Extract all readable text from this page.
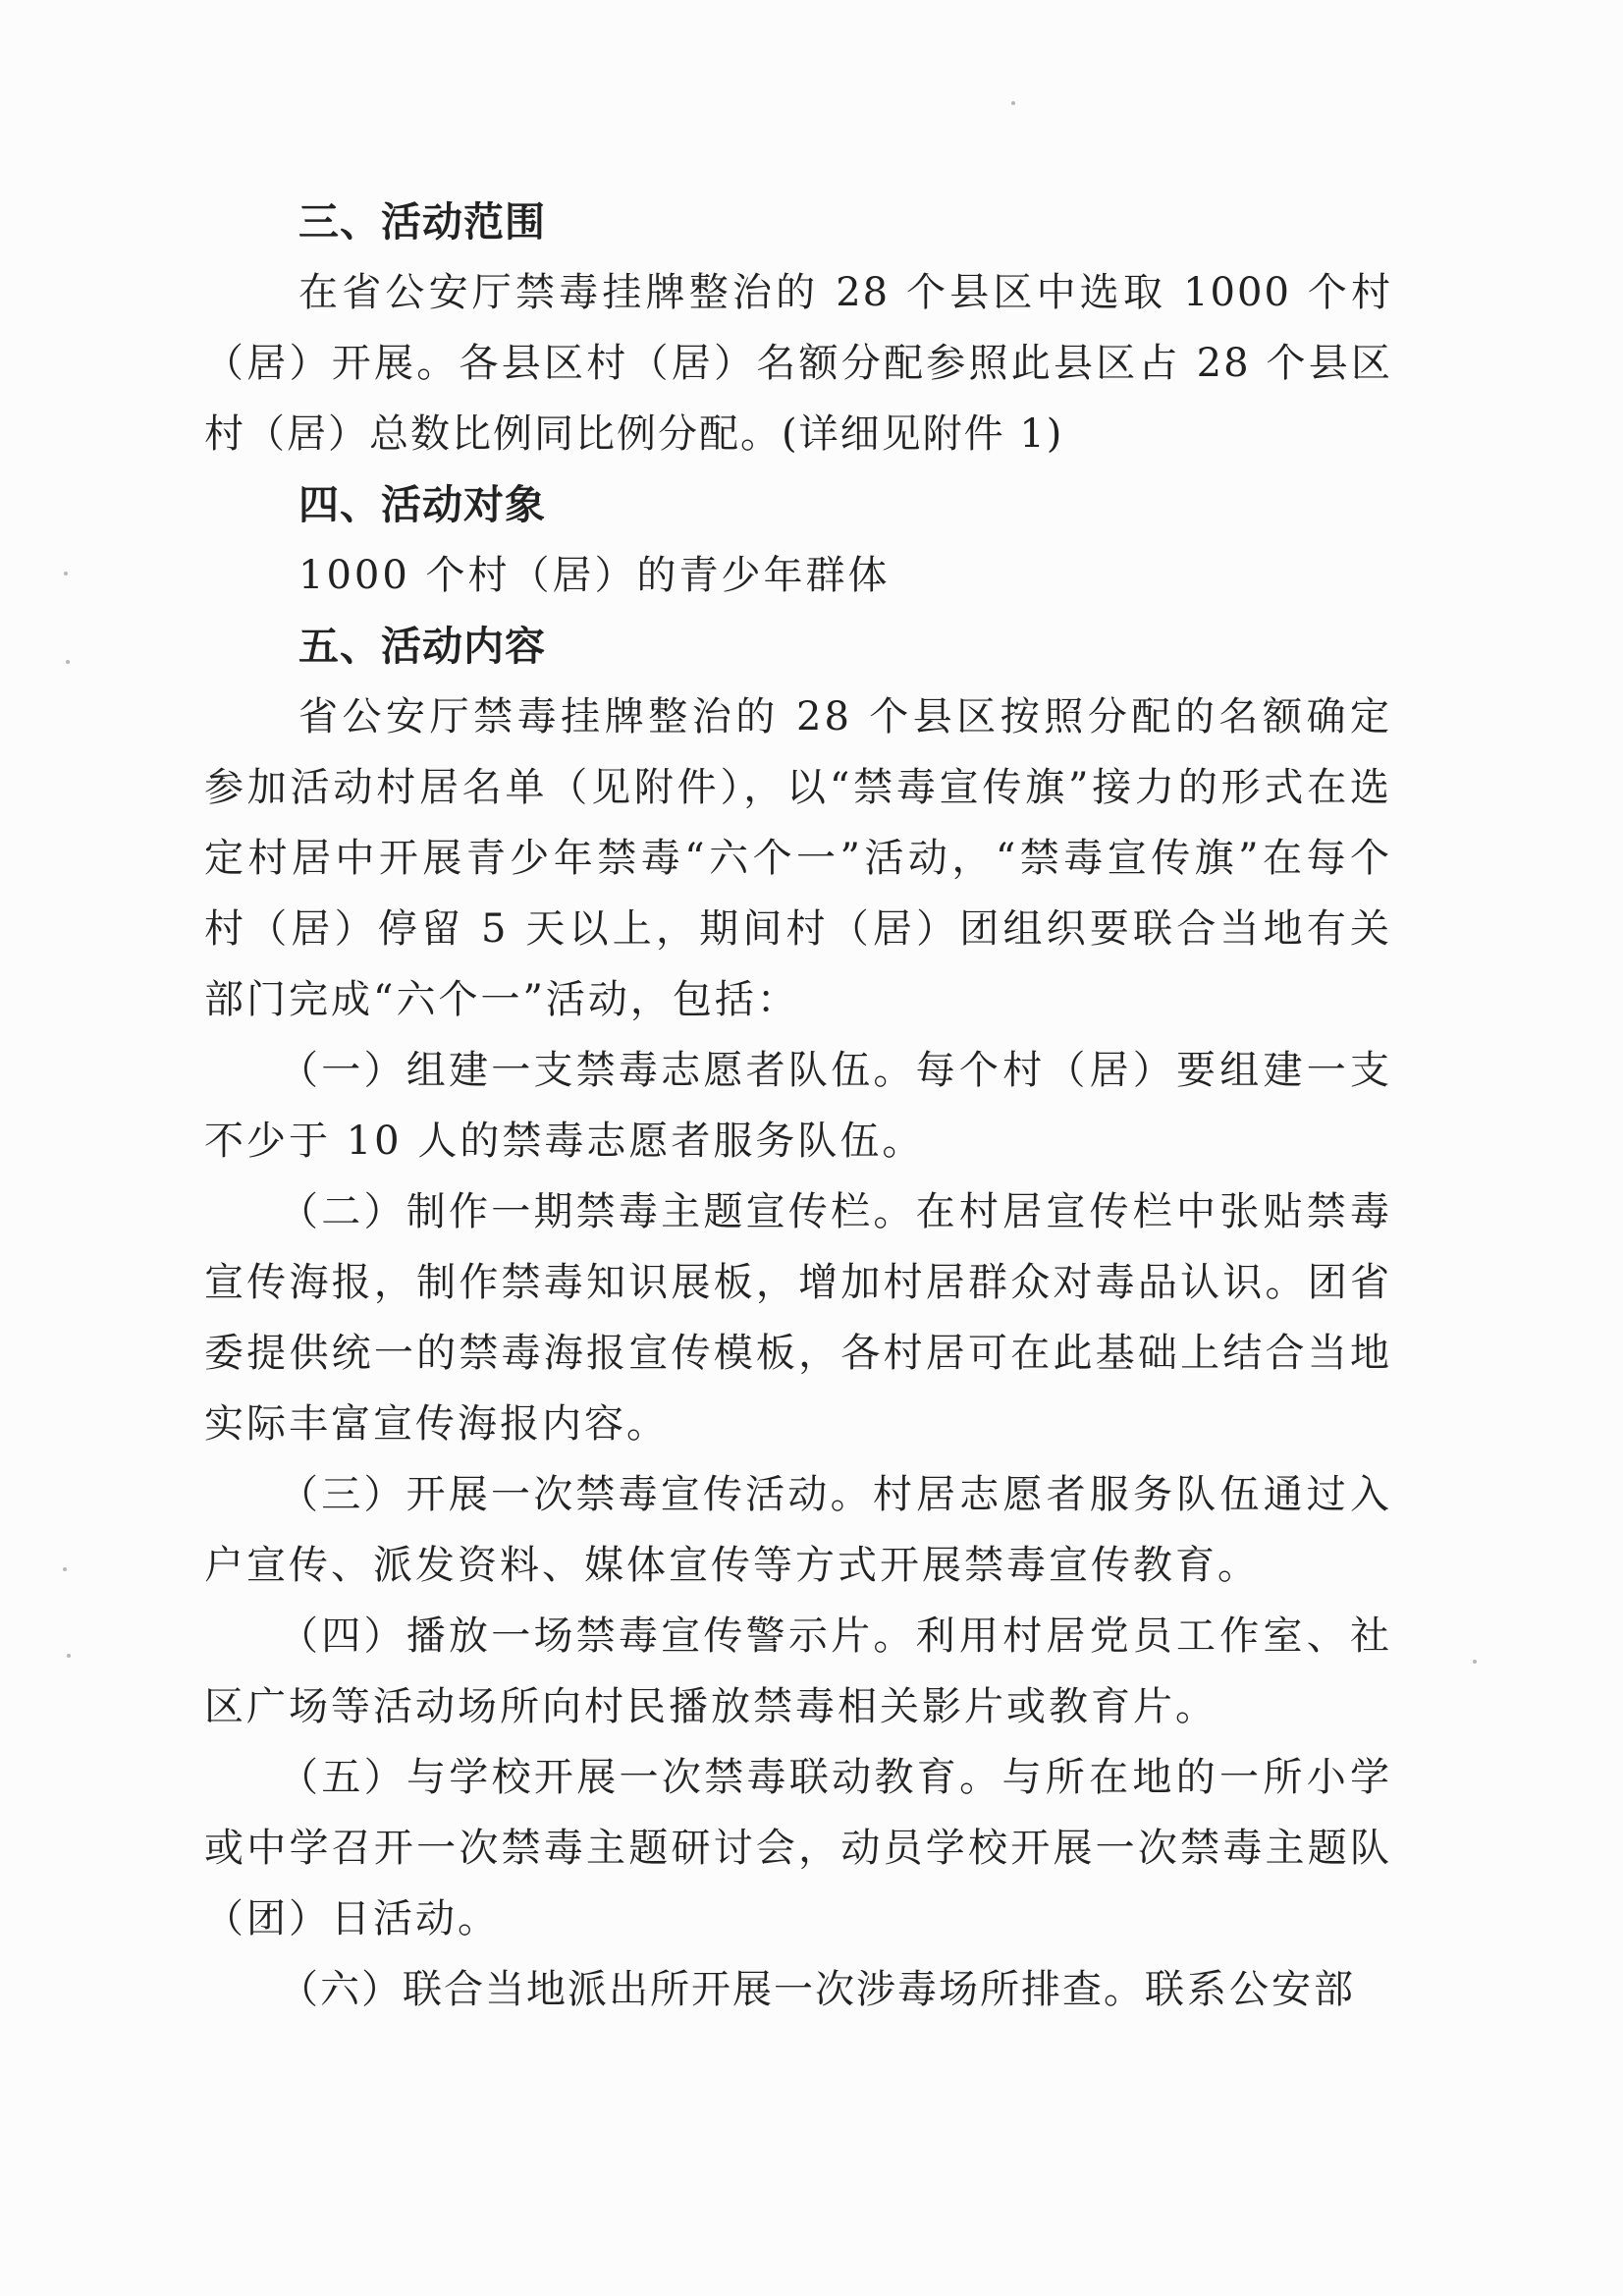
三、活动范围

在省公安厅禁毒挂牌整治的 28 个县区中选取 1000 个村（居）开展。各县区村（居）名额分配参照此县区占 28 个县区村（居）总数比例同比例分配。(详细见附件 1)

四、活动对象

1000 个村（居）的青少年群体

五、活动内容

省公安厅禁毒挂牌整治的 28 个县区按照分配的名额确定参加活动村居名单（见附件），以“禁毒宣传旗”接力的形式在选定村居中开展青少年禁毒“六个一”活动，“禁毒宣传旗”在每个村（居）停留 5 天以上，期间村（居）团组织要联合当地有关部门完成“六个一”活动，包括：

（一）组建一支禁毒志愿者队伍。每个村（居）要组建一支不少于 10 人的禁毒志愿者服务队伍。

（二）制作一期禁毒主题宣传栏。在村居宣传栏中张贴禁毒宣传海报，制作禁毒知识展板，增加村居群众对毒品认识。团省委提供统一的禁毒海报宣传模板，各村居可在此基础上结合当地实际丰富宣传海报内容。

（三）开展一次禁毒宣传活动。村居志愿者服务队伍通过入户宣传、派发资料、媒体宣传等方式开展禁毒宣传教育。

（四）播放一场禁毒宣传警示片。利用村居党员工作室、社区广场等活动场所向村民播放禁毒相关影片或教育片。

（五）与学校开展一次禁毒联动教育。与所在地的一所小学或中学召开一次禁毒主题研讨会，动员学校开展一次禁毒主题队（团）日活动。

（六）联合当地派出所开展一次涉毒场所排查。联系公安部
